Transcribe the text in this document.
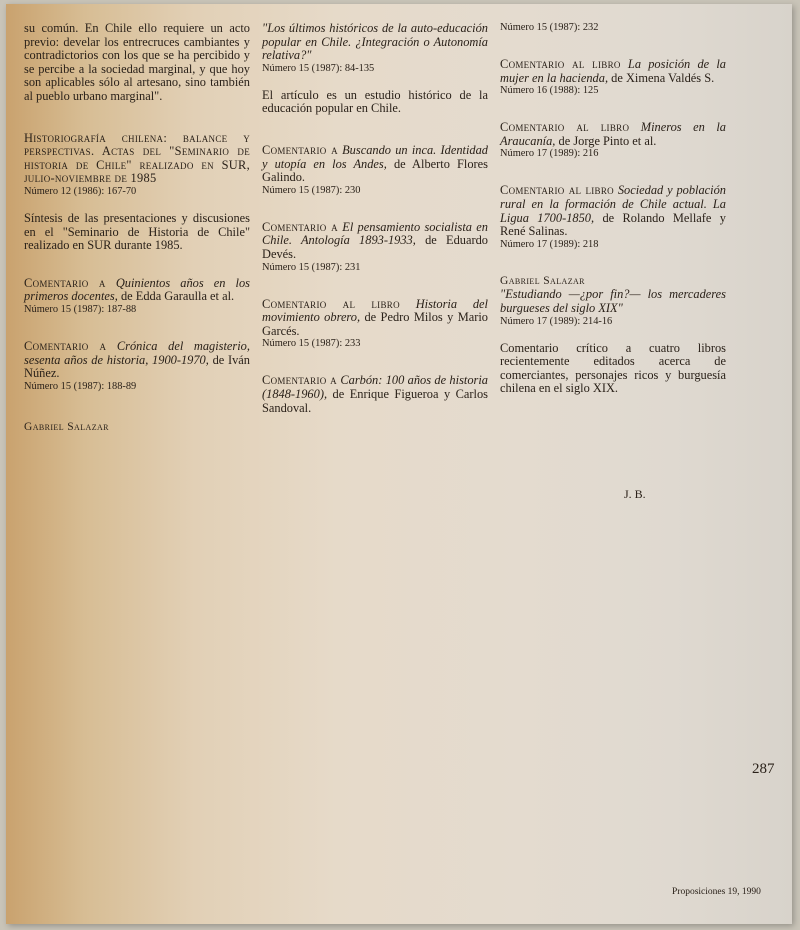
su común. En Chile ello requiere un acto previo: develar los entrecruces cambiantes y contradictorios con los que se ha percibido y se percibe a la sociedad marginal, y que hoy son aplicables sólo al artesano, sino también al pueblo urbano marginal".
Historiografía chilena: balance y perspectivas. Actas del "Seminario de historia de Chile" realizado en SUR, julio-noviembre de 1985
Número 12 (1986): 167-70
Síntesis de las presentaciones y discusiones en el "Seminario de Historia de Chile" realizado en SUR durante 1985.
Comentario a Quinientos años en los primeros docentes, de Edda Garaulla et al.
Número 15 (1987): 187-88
Comentario a Crónica del magisterio, sesenta años de historia, 1900-1970, de Iván Núñez.
Número 15 (1987): 188-89
Gabriel Salazar
"Los últimos históricos de la auto-educación popular en Chile. ¿Integración o Autonomía relativa?"
Número 15 (1987): 84-135
El artículo es un estudio histórico de la educación popular en Chile.
Comentario a Buscando un inca. Identidad y utopía en los Andes, de Alberto Flores Galindo.
Número 15 (1987): 230
Comentario a El pensamiento socialista en Chile. Antología 1893-1933, de Eduardo Devés.
Número 15 (1987): 231
Comentario al libro Historia del movimiento obrero, de Pedro Milos y Mario Garcés.
Número 15 (1987): 233
Comentario a Carbón: 100 años de historia (1848-1960), de Enrique Figueroa y Carlos Sandoval.
Número 15 (1987): 232
Comentario al libro La posición de la mujer en la hacienda, de Ximena Valdés S.
Número 16 (1988): 125
Comentario al libro Mineros en la Araucanía, de Jorge Pinto et al.
Número 17 (1989): 216
Comentario al libro Sociedad y población rural en la formación de Chile actual. La Ligua 1700-1850, de Rolando Mellafe y René Salinas.
Número 17 (1989): 218
Gabriel Salazar
"Estudiando —¿por fin?— los mercaderes burgueses del siglo XIX"
Número 17 (1989): 214-16
Comentario crítico a cuatro libros recientemente editados acerca de comerciantes, personajes ricos y burguesía chilena en el siglo XIX.
J. B.
287
Proposiciones 19, 1990
